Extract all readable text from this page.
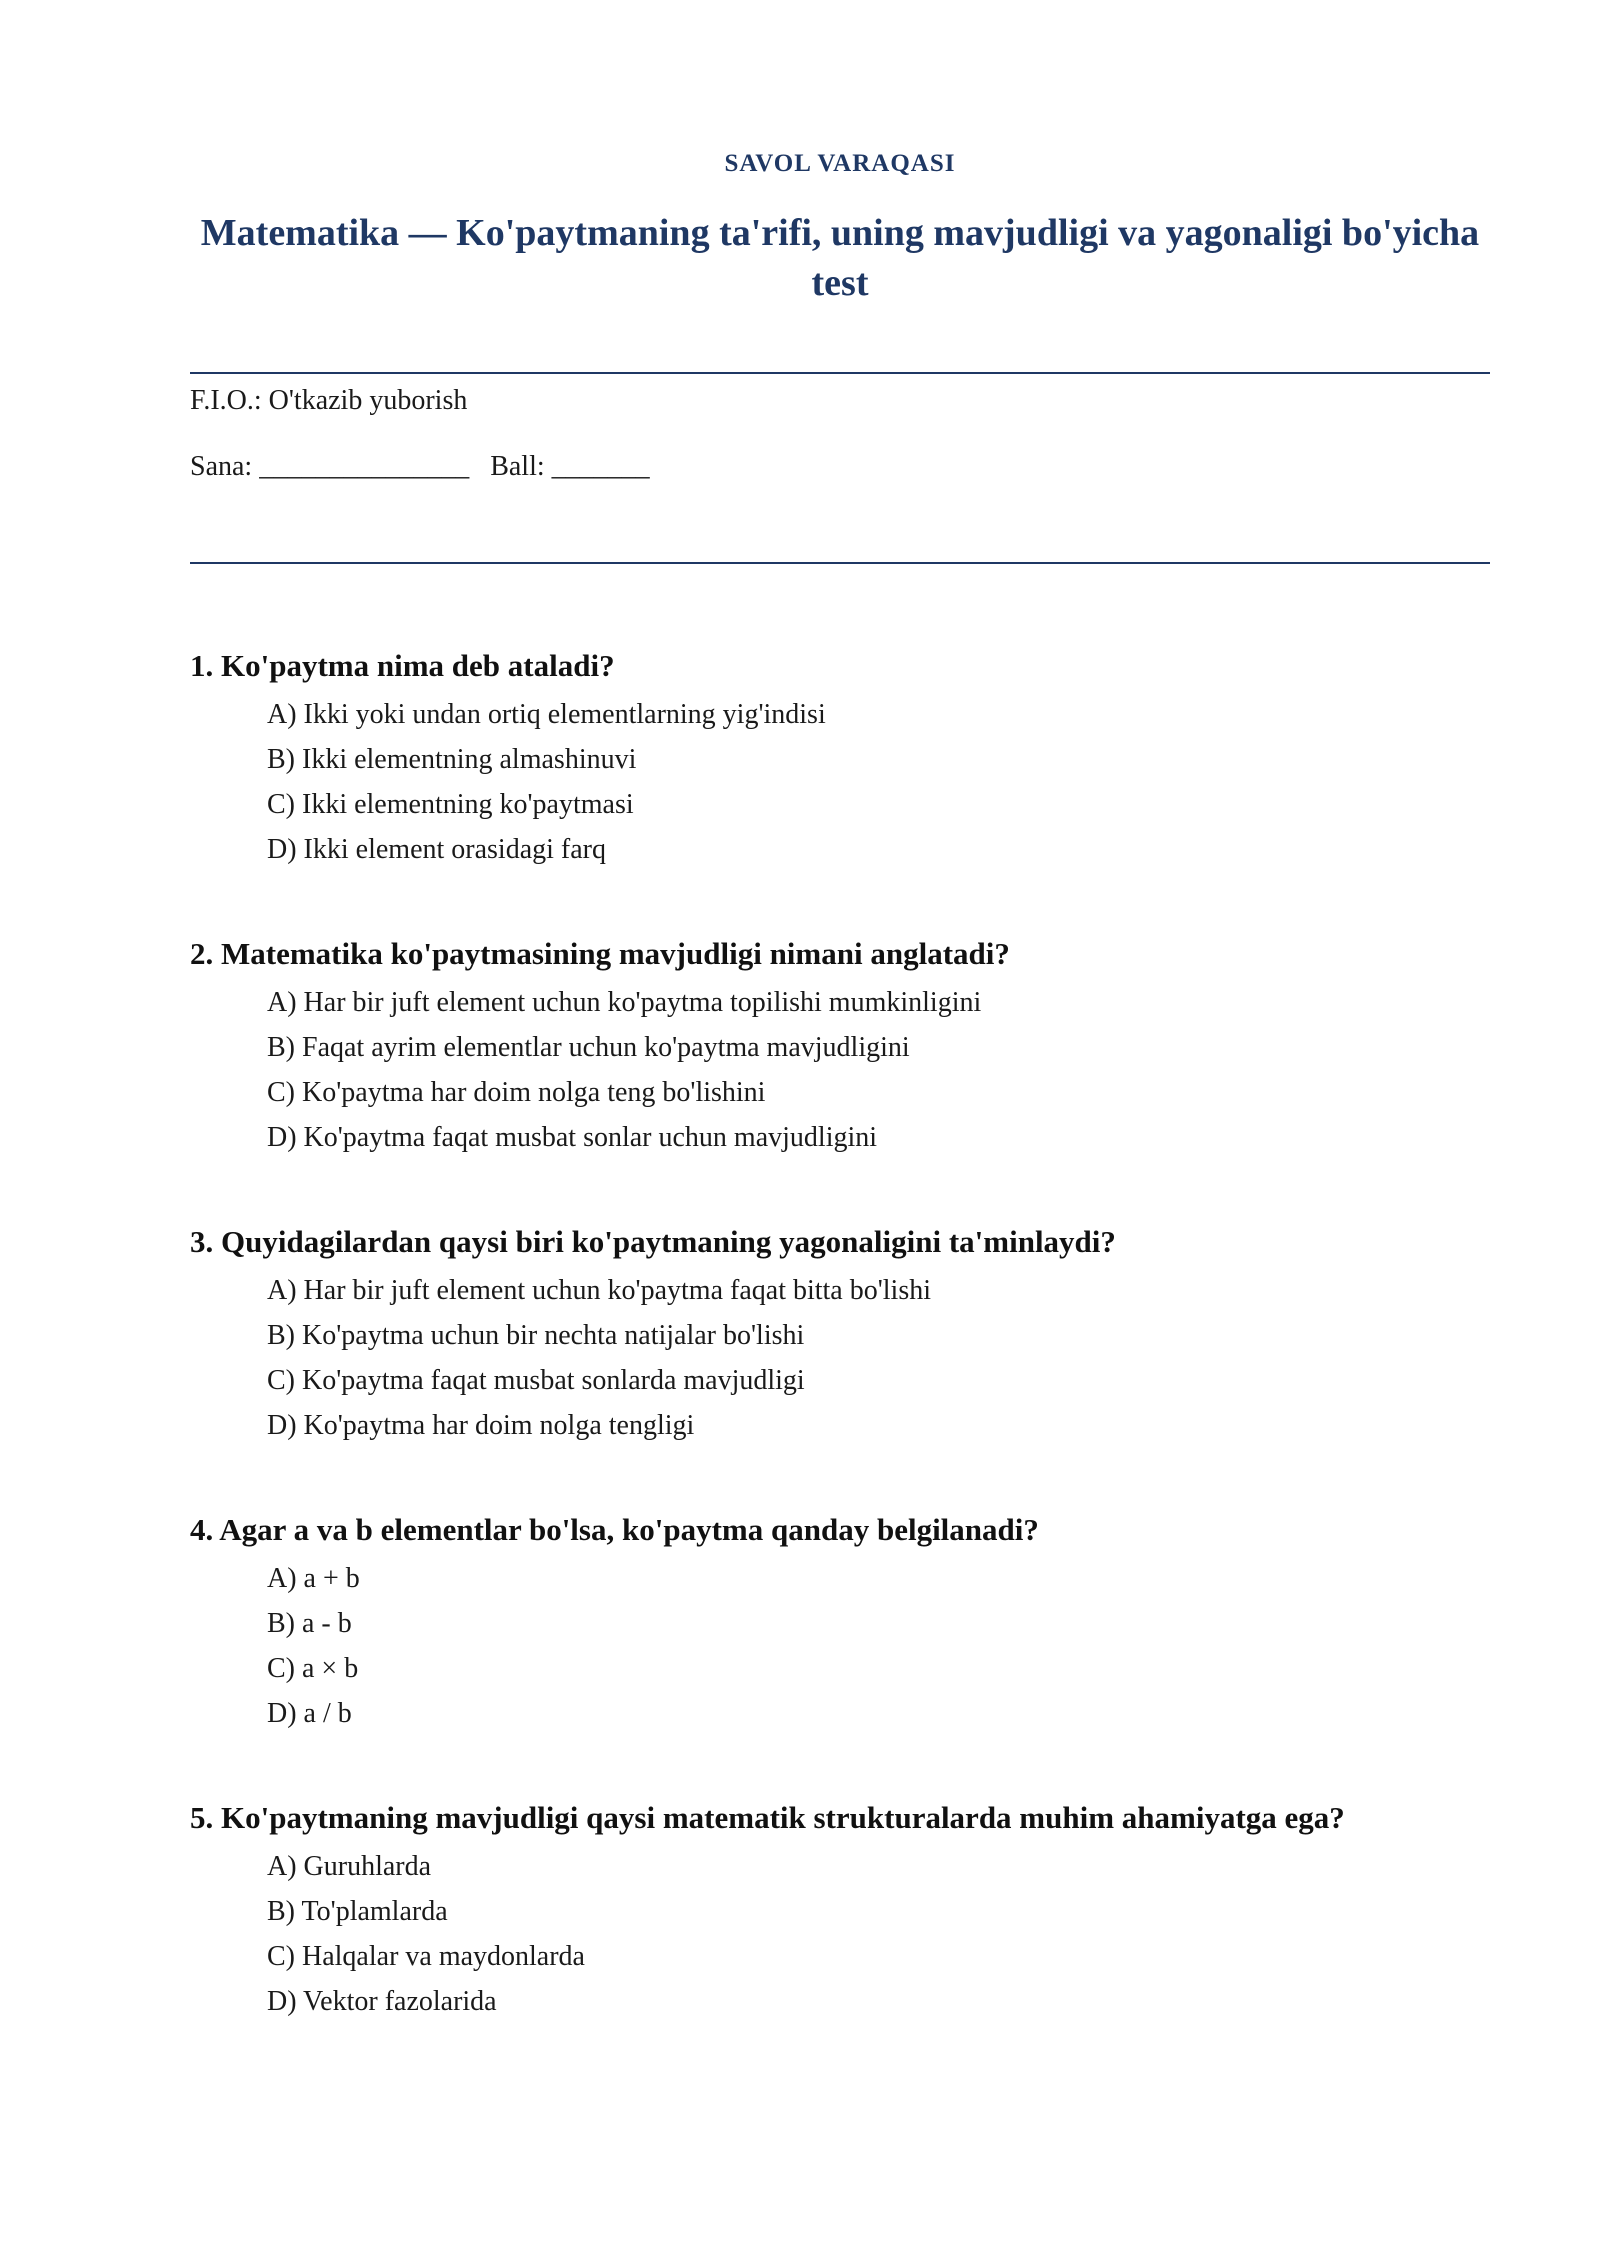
SAVOL VARAQASI
Matematika — Ko'paytmaning ta'rifi, uning mavjudligi va yagonaligi bo'yicha test
F.I.O.: O'tkazib yuborish
Sana: _______________   Ball: _______
1. Ko'paytma nima deb ataladi?
A) Ikki yoki undan ortiq elementlarning yig'indisi
B) Ikki elementning almashinuvi
C) Ikki elementning ko'paytmasi
D) Ikki element orasidagi farq
2. Matematika ko'paytmasining mavjudligi nimani anglatadi?
A) Har bir juft element uchun ko'paytma topilishi mumkinligini
B) Faqat ayrim elementlar uchun ko'paytma mavjudligini
C) Ko'paytma har doim nolga teng bo'lishini
D) Ko'paytma faqat musbat sonlar uchun mavjudligini
3. Quyidagilardan qaysi biri ko'paytmaning yagonaligini ta'minlaydi?
A) Har bir juft element uchun ko'paytma faqat bitta bo'lishi
B) Ko'paytma uchun bir nechta natijalar bo'lishi
C) Ko'paytma faqat musbat sonlarda mavjudligi
D) Ko'paytma har doim nolga tengligi
4. Agar a va b elementlar bo'lsa, ko'paytma qanday belgilanadi?
A) a + b
B) a - b
C) a × b
D) a / b
5. Ko'paytmaning mavjudligi qaysi matematik strukturalarda muhim ahamiyatga ega?
A) Guruhlarda
B) To'plamlarda
C) Halqalar va maydonlarda
D) Vektor fazolarida
